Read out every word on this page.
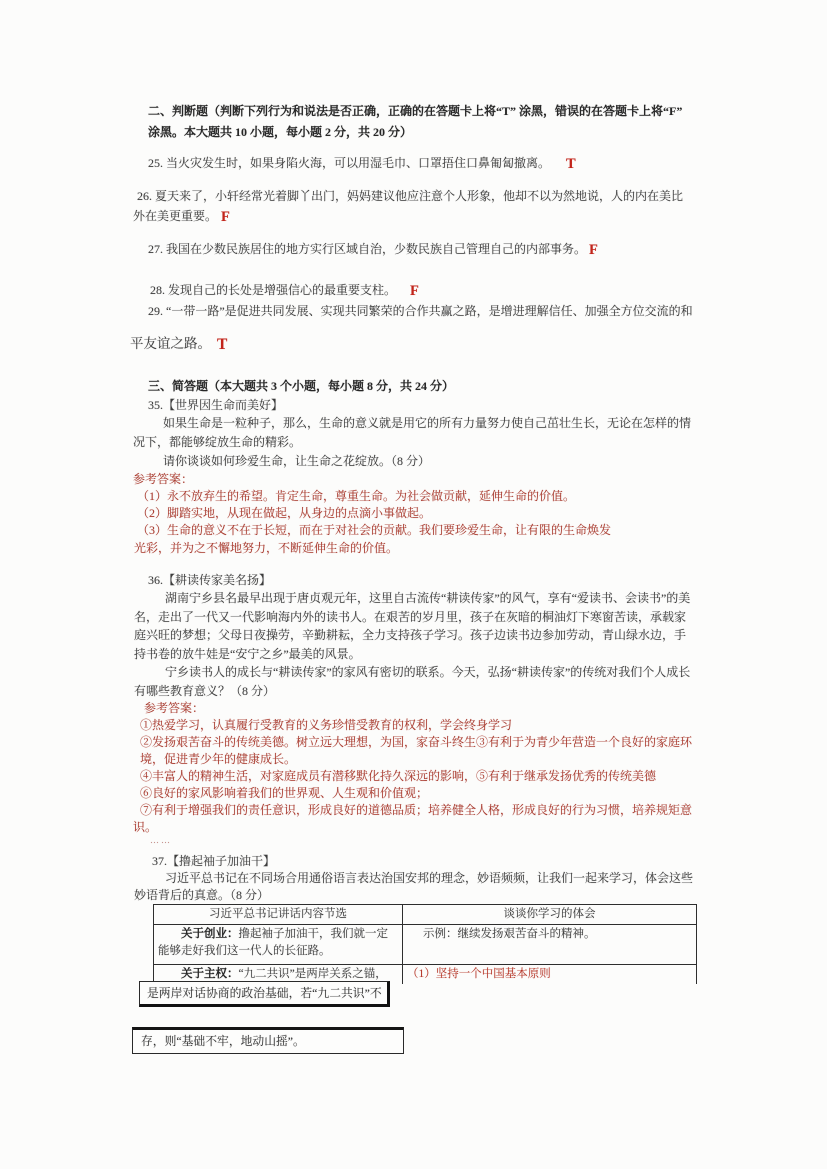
二、判断题（判断下列行为和说法是否正确，正确的在答题卡上将“T” 涂黑，错误的在答题卡上将“F”
涂黑。本大题共 10 小题，每小题 2 分，共 20 分）
25. 当火灾发生时，如果身陷火海，可以用湿毛巾、口罩捂住口鼻匍匐撤离。 T
26. 夏天来了，小轩经常光着脚丫出门，妈妈建议他应注意个人形象，他却不以为然地说，人的内在美比
外在美更重要。 F
27. 我国在少数民族居住的地方实行区域自治，少数民族自己管理自己的内部事务。 F
28. 发现自己的长处是增强信心的最重要支柱。 F
29. “一带一路”是促进共同发展、实现共同繁荣的合作共赢之路，是增进理解信任、加强全方位交流的和
平友谊之路。 T
三、简答题（本大题共 3 个小题，每小题 8 分，共 24 分）
35.【世界因生命而美好】
如果生命是一粒种子，那么，生命的意义就是用它的所有力量努力使自己茁壮生长，无论在怎样的情
况下，都能够绽放生命的精彩。
请你谈谈如何珍爱生命，让生命之花绽放。（8 分）
参考答案：
（1）永不放弃生的希望。肯定生命，尊重生命。为社会做贡献，延伸生命的价值。
（2）脚踏实地，从现在做起，从身边的点滴小事做起。
（3）生命的意义不在于长短，而在于对社会的贡献。我们要珍爱生命，让有限的生命焕发
光彩，并为之不懈地努力，不断延伸生命的价值。
36.【耕读传家美名扬】
湖南宁乡县名最早出现于唐贞观元年，这里自古流传“耕读传家”的风气，享有“爱读书、会读书”的美
名，走出了一代又一代影响海内外的读书人。在艰苦的岁月里，孩子在灰暗的桐油灯下寒窗苦读，承载家
庭兴旺的梦想；父母日夜操劳，辛勤耕耘，全力支持孩子学习。孩子边读书边参加劳动，青山绿水边，手
持书卷的放牛娃是“安宁之乡”最美的风景。
宁乡读书人的成长与“耕读传家”的家风有密切的联系。今天，弘扬“耕读传家”的传统对我们个人成长
有哪些教育意义？（8 分）
参考答案：
①热爱学习，认真履行受教育的义务珍惜受教育的权利，学会终身学习
②发扬艰苦奋斗的传统美德。树立远大理想，为国，家奋斗终生③有利于为青少年营造一个良好的家庭环
境，促进青少年的健康成长。
④丰富人的精神生活，对家庭成员有潜移默化持久深远的影响，⑤有利于继承发扬优秀的传统美德
⑥良好的家风影响着我们的世界观、人生观和价值观；
⑦有利于增强我们的责任意识，形成良好的道德品质；培养健全人格，形成良好的行为习惯，培养规矩意
识。
⋯⋯
37.【撸起袖子加油干】
习近平总书记在不同场合用通俗语言表达治国安邦的理念，妙语频频，让我们一起来学习，体会这些
妙语背后的真意。（8 分）
习近平总书记讲话内容节选	谈谈你学习的体会

关于创业：撸起袖子加油干，我们就一定
能够走好我们这一代人的长征路。	示例：继续发扬艰苦奋斗的精神。

关于主权：“九二共识”是两岸关系之锚，	（1）坚持一个中国基本原则
是两岸对话协商的政治基础，若“九二共识”不
存，则“基础不牢，地动山摇”。
